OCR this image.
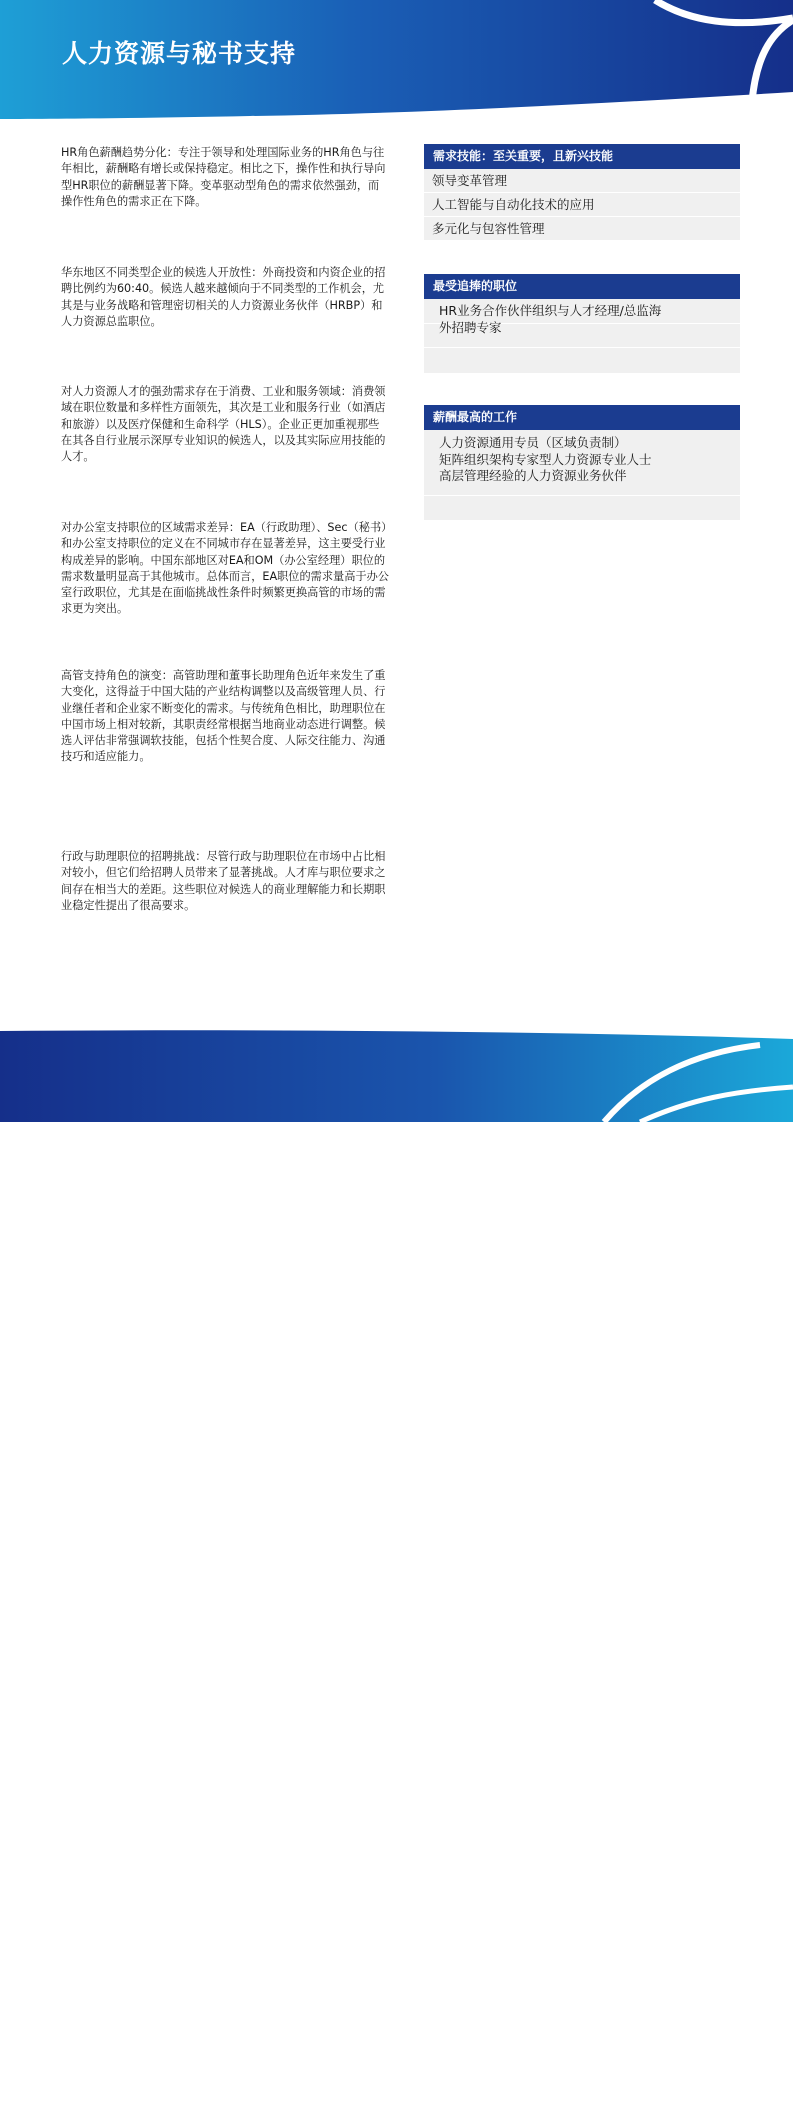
人力资源与秘书支持

HR角色薪酬趋势分化：专注于领导和处理国际业务的HR角色与往年相比，薪酬略有增长或保持稳定。相比之下，操作性和执行导向型HR职位的薪酬显著下降。变革驱动型角色的需求依然强劲，而操作性角色的需求正在下降。

华东地区不同类型企业的候选人开放性：外商投资和内资企业的招聘比例约为60:40。候选人越来越倾向于不同类型的工作机会，尤其是与业务战略和管理密切相关的人力资源业务伙伴（HRBP）和人力资源总监职位。

对人力资源人才的强劲需求存在于消费、工业和服务领域：消费领域在职位数量和多样性方面领先，其次是工业和服务行业（如酒店和旅游）以及医疗保健和生命科学（HLS）。企业正更加重视那些在其各自行业展示深厚专业知识的候选人，以及其实际应用技能的人才。

对办公室支持职位的区域需求差异：EA（行政助理）、Sec（秘书）和办公室支持职位的定义在不同城市存在显著差异，这主要受行业构成差异的影响。中国东部地区对EA和OM（办公室经理）职位的需求数量明显高于其他城市。总体而言，EA职位的需求量高于办公室行政职位，尤其是在面临挑战性条件时频繁更换高管的市场的需求更为突出。

高管支持角色的演变：高管助理和董事长助理角色近年来发生了重大变化，这得益于中国大陆的产业结构调整以及高级管理人员、行业继任者和企业家不断变化的需求。与传统角色相比，助理职位在中国市场上相对较新，其职责经常根据当地商业动态进行调整。候选人评估非常强调软技能，包括个性契合度、人际交往能力、沟通技巧和适应能力。

行政与助理职位的招聘挑战：尽管行政与助理职位在市场中占比相对较小，但它们给招聘人员带来了显著挑战。人才库与职位要求之间存在相当大的差距。这些职位对候选人的商业理解能力和长期职业稳定性提出了很高要求。

需求技能：至关重要，且新兴技能
领导变革管理
人工智能与自动化技术的应用
多元化与包容性管理
最受追捧的职位
HR业务合作伙伴组织与人才经理/总监海
外招聘专家
薪酬最高的工作
人力资源通用专员（区域负责制）
矩阵组织架构专家型人力资源专业人士
高层管理经验的人力资源业务伙伴
MichaelPage
22
